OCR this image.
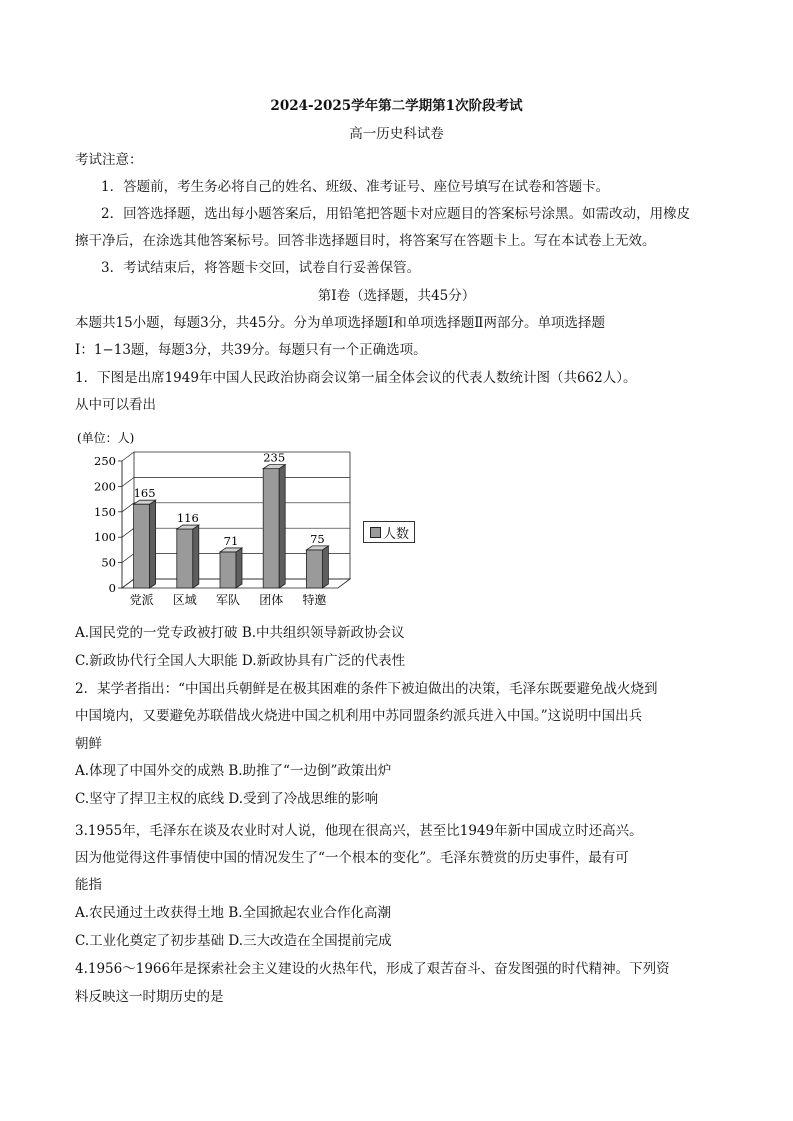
2024-2025学年第二学期第1次阶段考试
高一历史科试卷
考试注意：
1．答题前，考生务必将自己的姓名、班级、准考证号、座位号填写在试卷和答题卡。
2．回答选择题，选出每小题答案后，用铅笔把答题卡对应题目的答案标号涂黑。如需改动，用橡皮
擦干净后，在涂选其他答案标号。回答非选择题目时，将答案写在答题卡上。写在本试卷上无效。
3．考试结束后，将答题卡交回，试卷自行妥善保管。
第Ⅰ卷（选择题，共45分）
本题共15小题，每题3分，共45分。分为单项选择题Ⅰ和单项选择题Ⅱ两部分。单项选择题
Ⅰ：1−13题，每题3分，共39分。每题只有一个正确选项。
1．下图是出席1949年中国人民政治协商会议第一届全体会议的代表人数统计图（共662人）。
从中可以看出
(单位：人)
0
50
100
150
200
250
165
党派
116
区域
71
军队
235
团体
75
特邀
人数
A.国民党的一党专政被打破 B.中共组织领导新政协会议
C.新政协代行全国人大职能 D.新政协具有广泛的代表性
2．某学者指出：“中国出兵朝鲜是在极其困难的条件下被迫做出的决策，毛泽东既要避免战火烧到
中国境内，又要避免苏联借战火烧进中国之机利用中苏同盟条约派兵进入中国。”这说明中国出兵
朝鲜
A.体现了中国外交的成熟 B.助推了“一边倒”政策出炉
C.坚守了捍卫主权的底线 D.受到了冷战思维的影响
3.1955年，毛泽东在谈及农业时对人说，他现在很高兴，甚至比1949年新中国成立时还高兴。
因为他觉得这件事情使中国的情况发生了“一个根本的变化”。毛泽东赞赏的历史事件，最有可
能指
A.农民通过土改获得土地 B.全国掀起农业合作化高潮
C.工业化奠定了初步基础 D.三大改造在全国提前完成
4.1956～1966年是探索社会主义建设的火热年代，形成了艰苦奋斗、奋发图强的时代精神。下列资
料反映这一时期历史的是
